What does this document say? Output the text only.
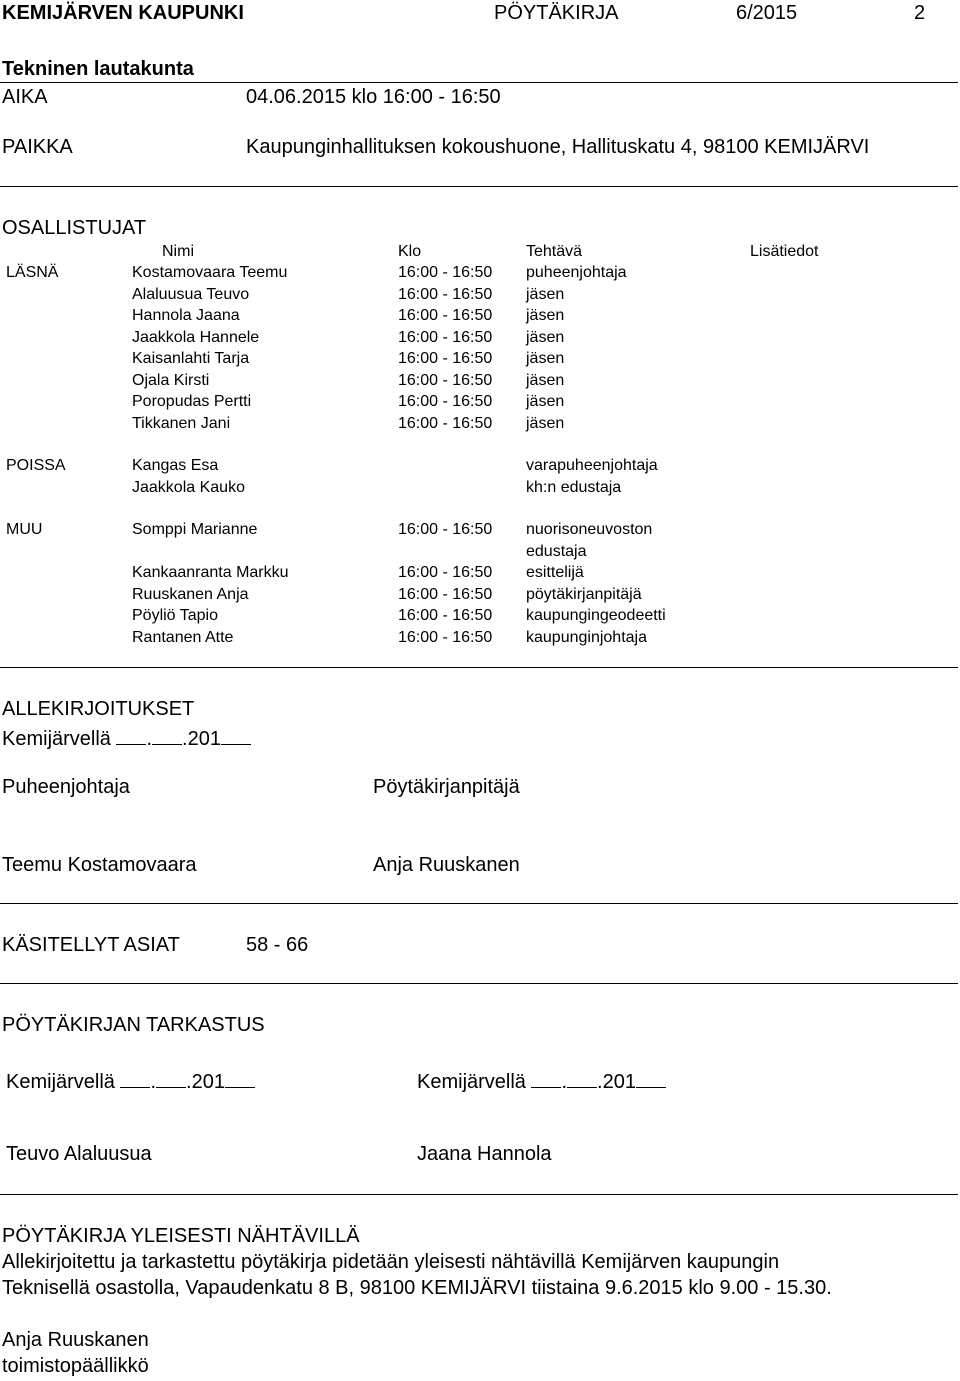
KEMIJÄRVEN KAUPUNKI	PÖYTÄKIRJA	6/2015	2
Tekninen lautakunta
AIKA	04.06.2015 klo 16:00 - 16:50
PAIKKA	Kaupunginhallituksen kokoushuone, Hallituskatu 4, 98100 KEMIJÄRVI
OSALLISTUJAT
Nimi	Klo	Tehtävä	Lisätiedot
LÄSNÄ	Kostamovaara Teemu	16:00 - 16:50 puheenjohtaja
Alaluusua Teuvo	16:00 - 16:50 jäsen
Hannola Jaana	16:00 - 16:50 jäsen
Jaakkola Hannele	16:00 - 16:50 jäsen
Kaisanlahti Tarja	16:00 - 16:50 jäsen
Ojala Kirsti	16:00 - 16:50 jäsen
Poropudas Pertti	16:00 - 16:50 jäsen
Tikkanen Jani	16:00 - 16:50 jäsen
POISSA	Kangas Esa	varapuheenjohtaja
Jaakkola Kauko	kh:n edustaja
MUU	Somppi Marianne	16:00 - 16:50 nuorisoneuvoston
edustaja
Kankaanranta Markku	16:00 - 16:50 esittelijä
Ruuskanen Anja	16:00 - 16:50 pöytäkirjanpitäjä
Pöyliö Tapio	16:00 - 16:50 kaupungingeodeetti
Rantanen Atte	16:00 - 16:50 kaupunginjohtaja
ALLEKIRJOITUKSET
Kemijärvellä . .201
Puheenjohtaja	Pöytäkirjanpitäjä
Teemu Kostamovaara	Anja Ruuskanen
KÄSITELLYT ASIAT	58 - 66
PÖYTÄKIRJAN TARKASTUS
Kemijärvellä . .201	Kemijärvellä . .201
Teuvo Alaluusua	Jaana Hannola
PÖYTÄKIRJA YLEISESTI NÄHTÄVILLÄ
Allekirjoitettu ja tarkastettu pöytäkirja pidetään yleisesti nähtävillä Kemijärven kaupungin
Teknisellä osastolla, Vapaudenkatu 8 B, 98100 KEMIJÄRVI tiistaina 9.6.2015 klo 9.00 - 15.30.
Anja Ruuskanen
toimistopäällikkö
